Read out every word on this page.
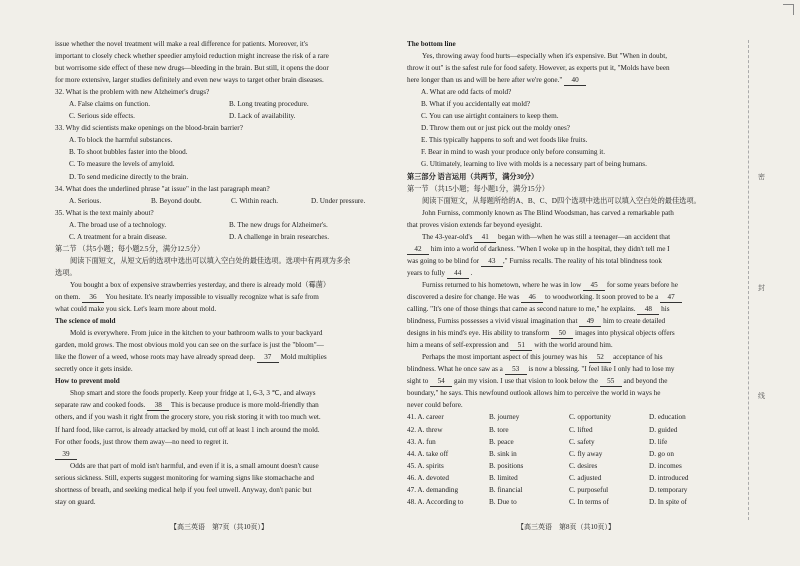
issue whether the novel treatment will make a real difference for patients. Moreover, it's
important to closely check whether speedier amyloid reduction might increase the risk of a rare
but worrisome side effect of these new drugs—bleeding in the brain. But still, it opens the door
for more extensive, larger studies definitely and even new ways to target other brain diseases.
32. What is the problem with new Alzheimer's drugs?
A. False claims on function.	B. Long treating procedure.
C. Serious side effects.	D. Lack of availability.
33. Why did scientists make openings on the blood-brain barrier?
A. To block the harmful substances.
B. To shoot bubbles faster into the blood.
C. To measure the levels of amyloid.
D. To send medicine directly to the brain.
34. What does the underlined phrase "at issue" in the last paragraph mean?
A. Serious.	B. Beyond doubt.	C. Within reach.	D. Under pressure.
35. What is the text mainly about?
A. The broad use of a technology.	B. The new drugs for Alzheimer's.
C. A treatment for a brain disease.	D. A challenge in brain researches.
第二节 （共5小题；每小题2.5分，满分12.5分）
阅读下面短文，从短文后的选项中选出可以填入空白处的最佳选项。选项中有两项为多余
选项。
You bought a box of expensive strawberries yesterday, and there is already mold（霉菌）
on them. 36 You hesitate. It's nearly impossible to visually recognize what is safe from
what could make you sick. Let's learn more about mold.
The science of mold
Mold is everywhere. From juice in the kitchen to your bathroom walls to your backyard
garden, mold grows. The most obvious mold you can see on the surface is just the "bloom"—
like the flower of a weed, whose roots may have already spread deep. 37 Mold multiplies
secretly once it gets inside.
How to prevent mold
Shop smart and store the foods properly. Keep your fridge at 1, 6-3, 3 ℃, and always
separate raw and cooked foods. 38 This is because produce is more mold-friendly than
others, and if you wash it right from the grocery store, you risk storing it with too much wet.
If hard food, like carrot, is already attacked by mold, cut off at least 1 inch around the mold.
For other foods, just throw them away—no need to regret it.
39
Odds are that part of mold isn't harmful, and even if it is, a small amount doesn't cause
serious sickness. Still, experts suggest monitoring for warning signs like stomachache and
shortness of breath, and seeking medical help if you feel unwell. Anyway, don't panic but
stay on guard.
The bottom line
Yes, throwing away food hurts—especially when it's expensive. But "When in doubt,
throw it out" is the safest rule for food safety. However, as experts put it, "Molds have been
here longer than us and will be here after we're gone." 40
A. What are odd facts of mold?
B. What if you accidentally eat mold?
C. You can use airtight containers to keep them.
D. Throw them out or just pick out the moldy ones?
E. This typically happens to soft and wet foods like fruits.
F. Bear in mind to wash your produce only before consuming it.
G. Ultimately, learning to live with molds is a necessary part of being humans.
第三部分 语言运用（共两节，满分30分）
第一节 （共15小题；每小题1分，满分15分）
阅读下面短文，从每题所给的A、B、C、D四个选项中选出可以填入空白处的最佳选项。
John Furniss, commonly known as The Blind Woodsman, has carved a remarkable path
that proves vision extends far beyond eyesight.
The 43-year-old's 41 began with—when he was still a teenager—an accident that
42 him into a world of darkness. "When I woke up in the hospital, they didn't tell me I
was going to be blind for 43 ," Furniss recalls. The reality of his total blindness took
years to fully 44 .
Furniss returned to his hometown, where he was in low 45 for some years before he
discovered a desire for change. He was 46 to woodworking. It soon proved to be a 47
calling. "It's one of those things that came as second nature to me," he explains. 48 his
blindness, Furniss possesses a vivid visual imagination that 49 him to create detailed
designs in his mind's eye. His ability to transform 50 images into physical objects offers
him a means of self-expression and 51 with the world around him.
Perhaps the most important aspect of this journey was his 52 acceptance of his
blindness. What he once saw as a 53 is now a blessing. "I feel like I only had to lose my
sight to 54 gain my vision. I use that vision to look below the 55 and beyond the
boundary," he says. This newfound outlook allows him to perceive the world in ways he
never could before.
41. A. career	B. journey	C. opportunity	D. education
42. A. threw	B. tore	C. lifted	D. guided
43. A. fun	B. peace	C. safety	D. life
44. A. take off	B. sink in	C. fly away	D. go on
45. A. spirits	B. positions	C. desires	D. incomes
46. A. devoted	B. limited	C. adjusted	D. introduced
47. A. demanding	B. financial	C. purposeful	D. temporary
48. A. According to	B. Due to	C. In terms of	D. In spite of
【高三英语　第7页（共10页）】	【高三英语　第8页（共10页）】
密
封
线
